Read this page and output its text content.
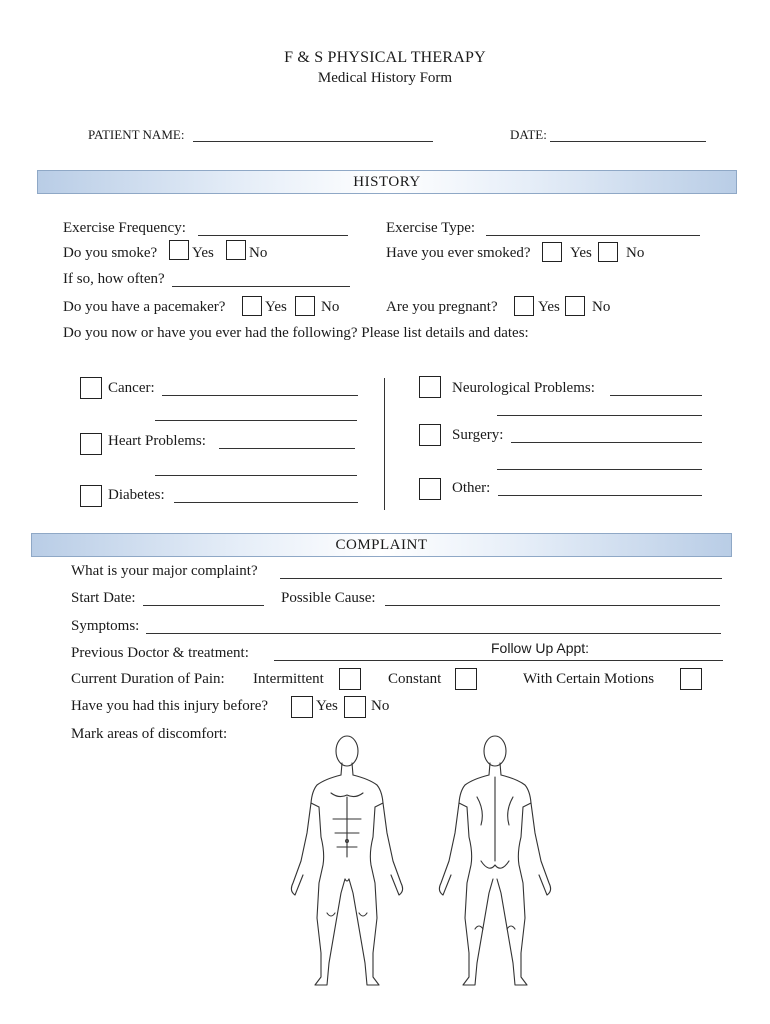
F & S PHYSICAL THERAPY
Medical History Form
PATIENT NAME:	DATE:
HISTORY
Exercise Frequency:	Exercise Type:
Do you smoke? Yes No	Have you ever smoked?	Yes No
If so, how often?
Do you have a pacemaker?	Yes No	Are you pregnant?	Yes No
Do you now or have you ever had the following? Please list details and dates:
Cancer:
Heart Problems:
Diabetes:
Neurological Problems:
Surgery:
Other:
COMPLAINT
What is your major complaint?
Start Date:	Possible Cause:
Symptoms:
Previous Doctor & treatment:	Follow Up Appt:
Current Duration of Pain: Intermittent	Constant	With Certain Motions
Have you had this injury before?	Yes No
Mark areas of discomfort:
